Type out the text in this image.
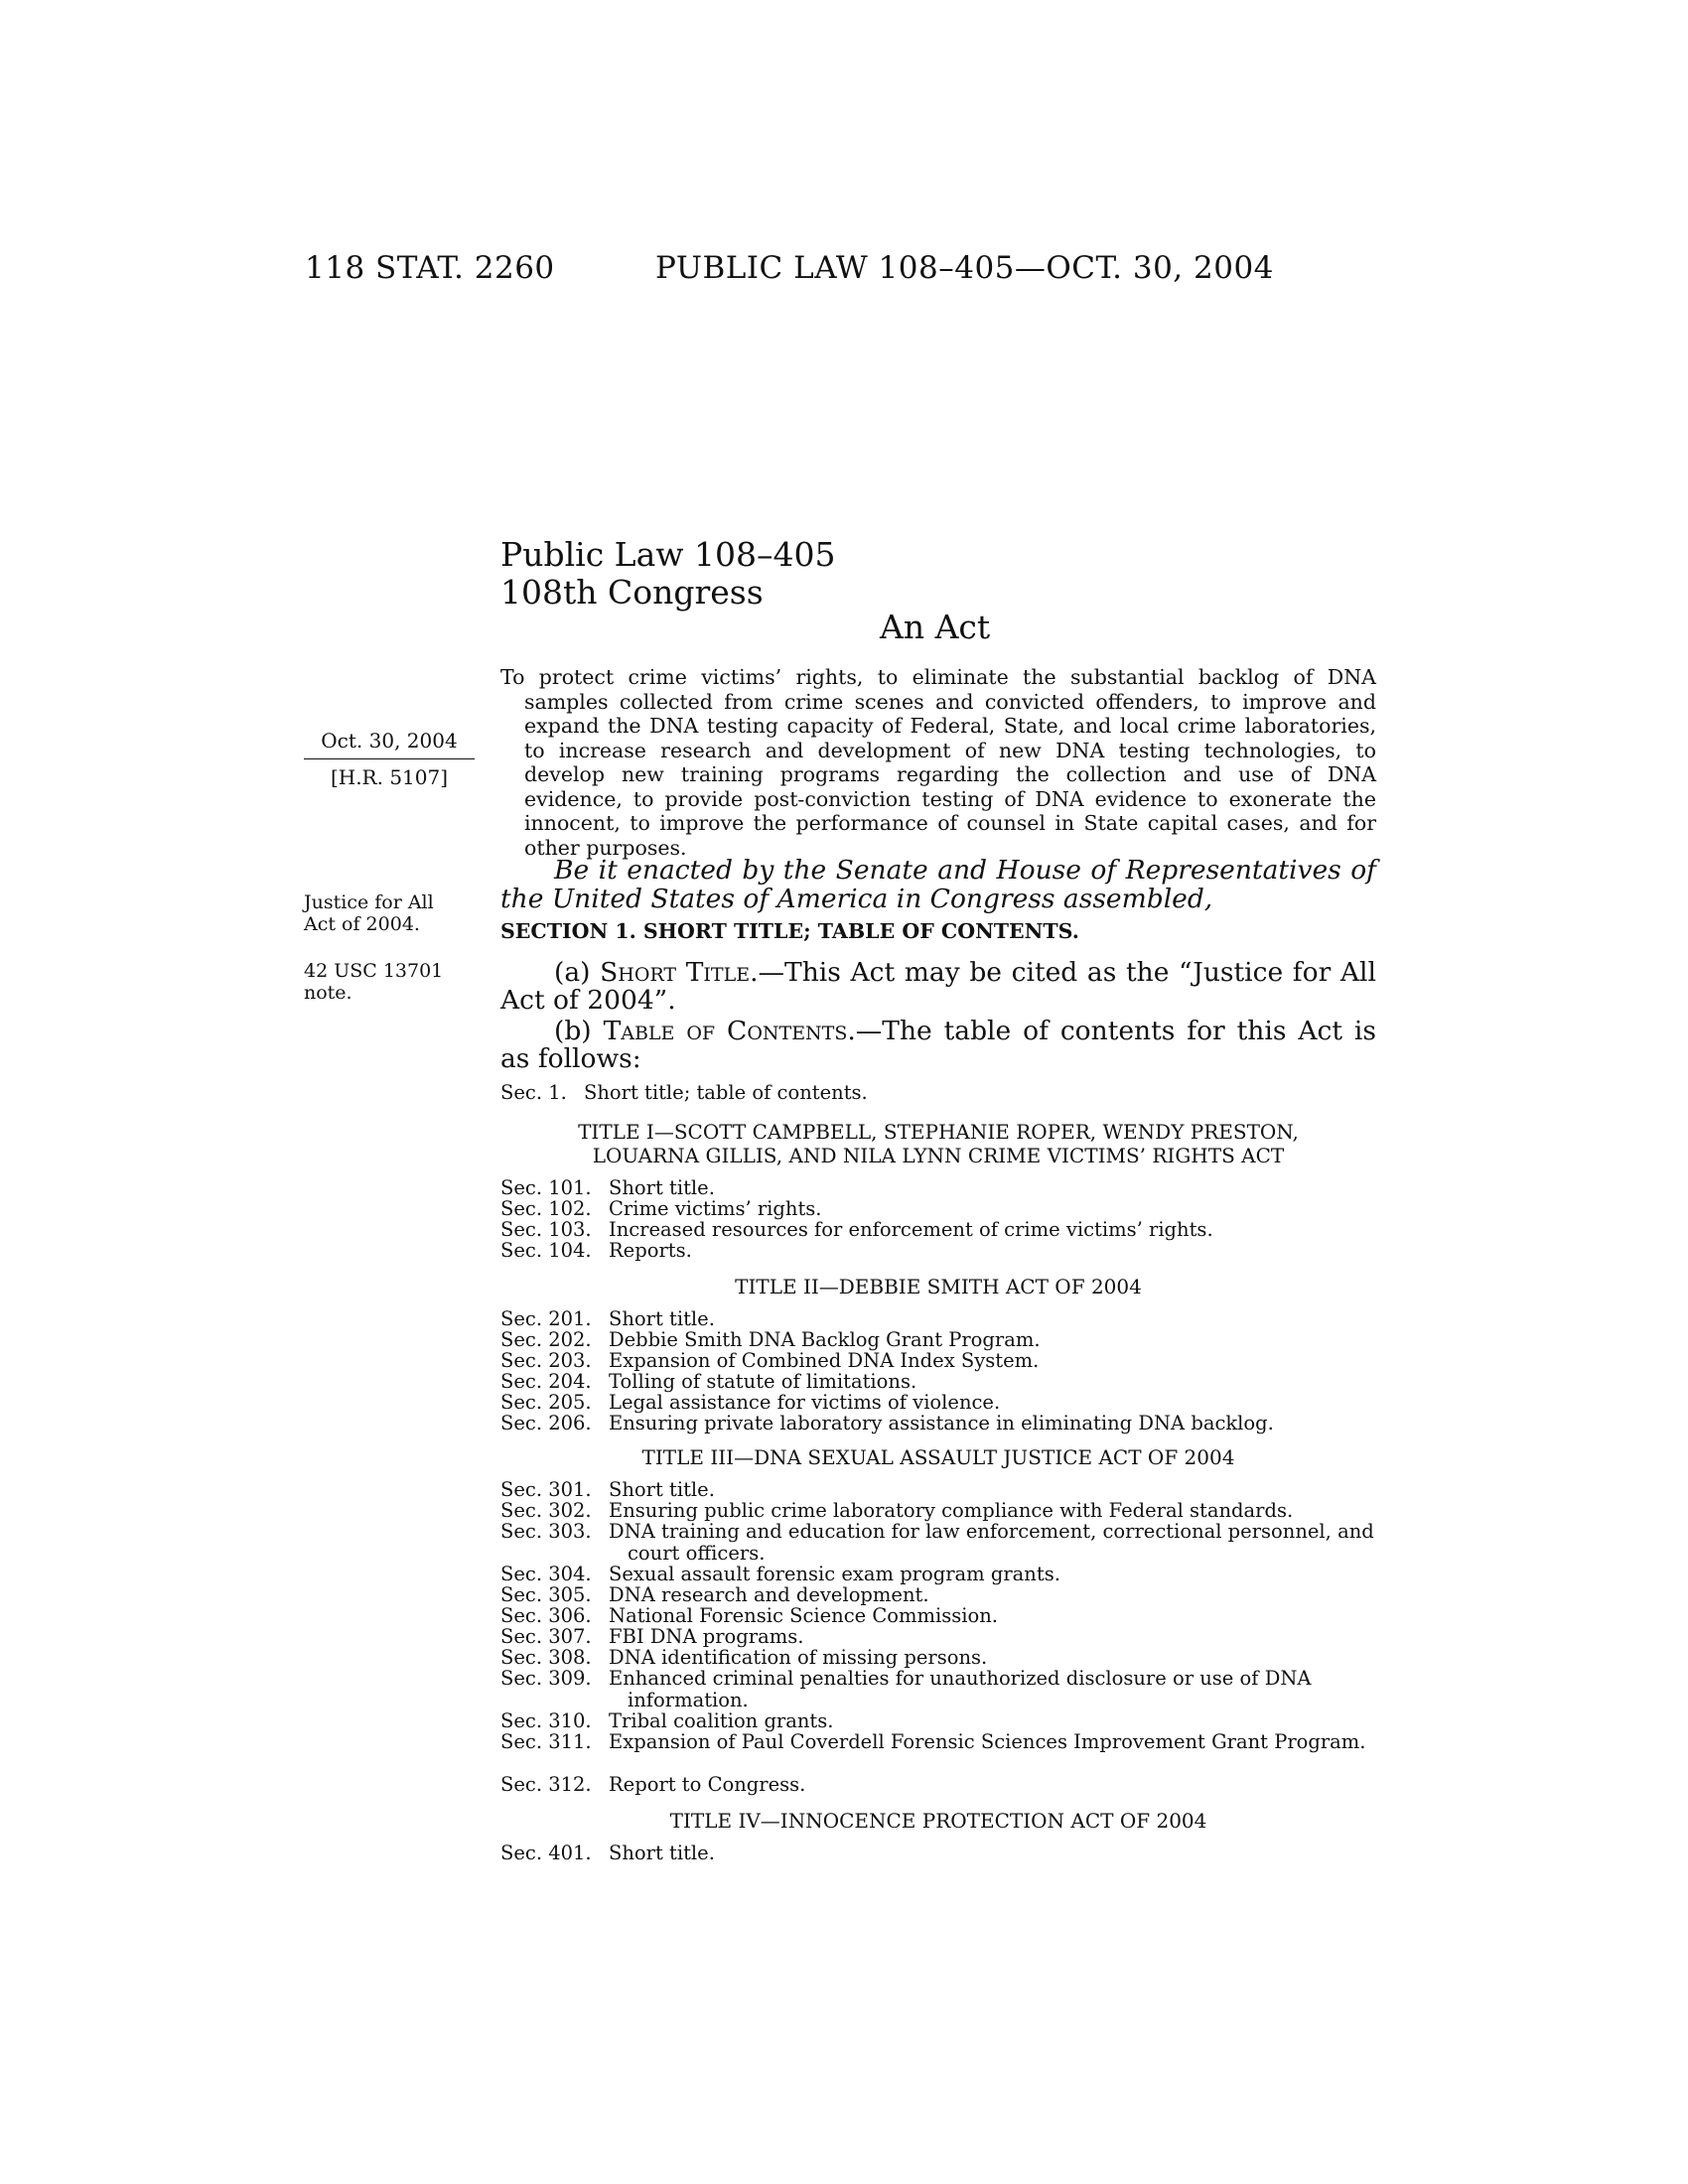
118 STAT. 2260	PUBLIC LAW 108–405—OCT. 30, 2004
Public Law 108–405
108th Congress
An Act
To protect crime victims’ rights, to eliminate the substantial backlog of DNA samples collected from crime scenes and convicted offenders, to improve and expand the DNA testing capacity of Federal, State, and local crime laboratories, to increase research and development of new DNA testing technologies, to develop new training programs regarding the collection and use of DNA evidence, to provide post-conviction testing of DNA evidence to exonerate the innocent, to improve the performance of counsel in State capital cases, and for other purposes.
Oct. 30, 2004
[H.R. 5107]
Justice for All
Act of 2004.
42 USC 13701
note.
Be it enacted by the Senate and House of Representatives of the United States of America in Congress assembled,
SECTION 1. SHORT TITLE; TABLE OF CONTENTS.
(a) Short Title.—This Act may be cited as the “Justice for All Act of 2004”.
(b) Table of Contents.—The table of contents for this Act is as follows:
Sec. 1. Short title; table of contents.
TITLE I—SCOTT CAMPBELL, STEPHANIE ROPER, WENDY PRESTON,
LOUARNA GILLIS, AND NILA LYNN CRIME VICTIMS’ RIGHTS ACT
Sec. 101. Short title.
Sec. 102. Crime victims’ rights.
Sec. 103. Increased resources for enforcement of crime victims’ rights.
Sec. 104. Reports.
TITLE II—DEBBIE SMITH ACT OF 2004
Sec. 201. Short title.
Sec. 202. Debbie Smith DNA Backlog Grant Program.
Sec. 203. Expansion of Combined DNA Index System.
Sec. 204. Tolling of statute of limitations.
Sec. 205. Legal assistance for victims of violence.
Sec. 206. Ensuring private laboratory assistance in eliminating DNA backlog.
TITLE III—DNA SEXUAL ASSAULT JUSTICE ACT OF 2004
Sec. 301. Short title.
Sec. 302. Ensuring public crime laboratory compliance with Federal standards.
Sec. 303. DNA training and education for law enforcement, correctional personnel, and court officers.
Sec. 304. Sexual assault forensic exam program grants.
Sec. 305. DNA research and development.
Sec. 306. National Forensic Science Commission.
Sec. 307. FBI DNA programs.
Sec. 308. DNA identification of missing persons.
Sec. 309. Enhanced criminal penalties for unauthorized disclosure or use of DNA information.
Sec. 310. Tribal coalition grants.
Sec. 311. Expansion of Paul Coverdell Forensic Sciences Improvement Grant Program.
Sec. 312. Report to Congress.
TITLE IV—INNOCENCE PROTECTION ACT OF 2004
Sec. 401. Short title.
